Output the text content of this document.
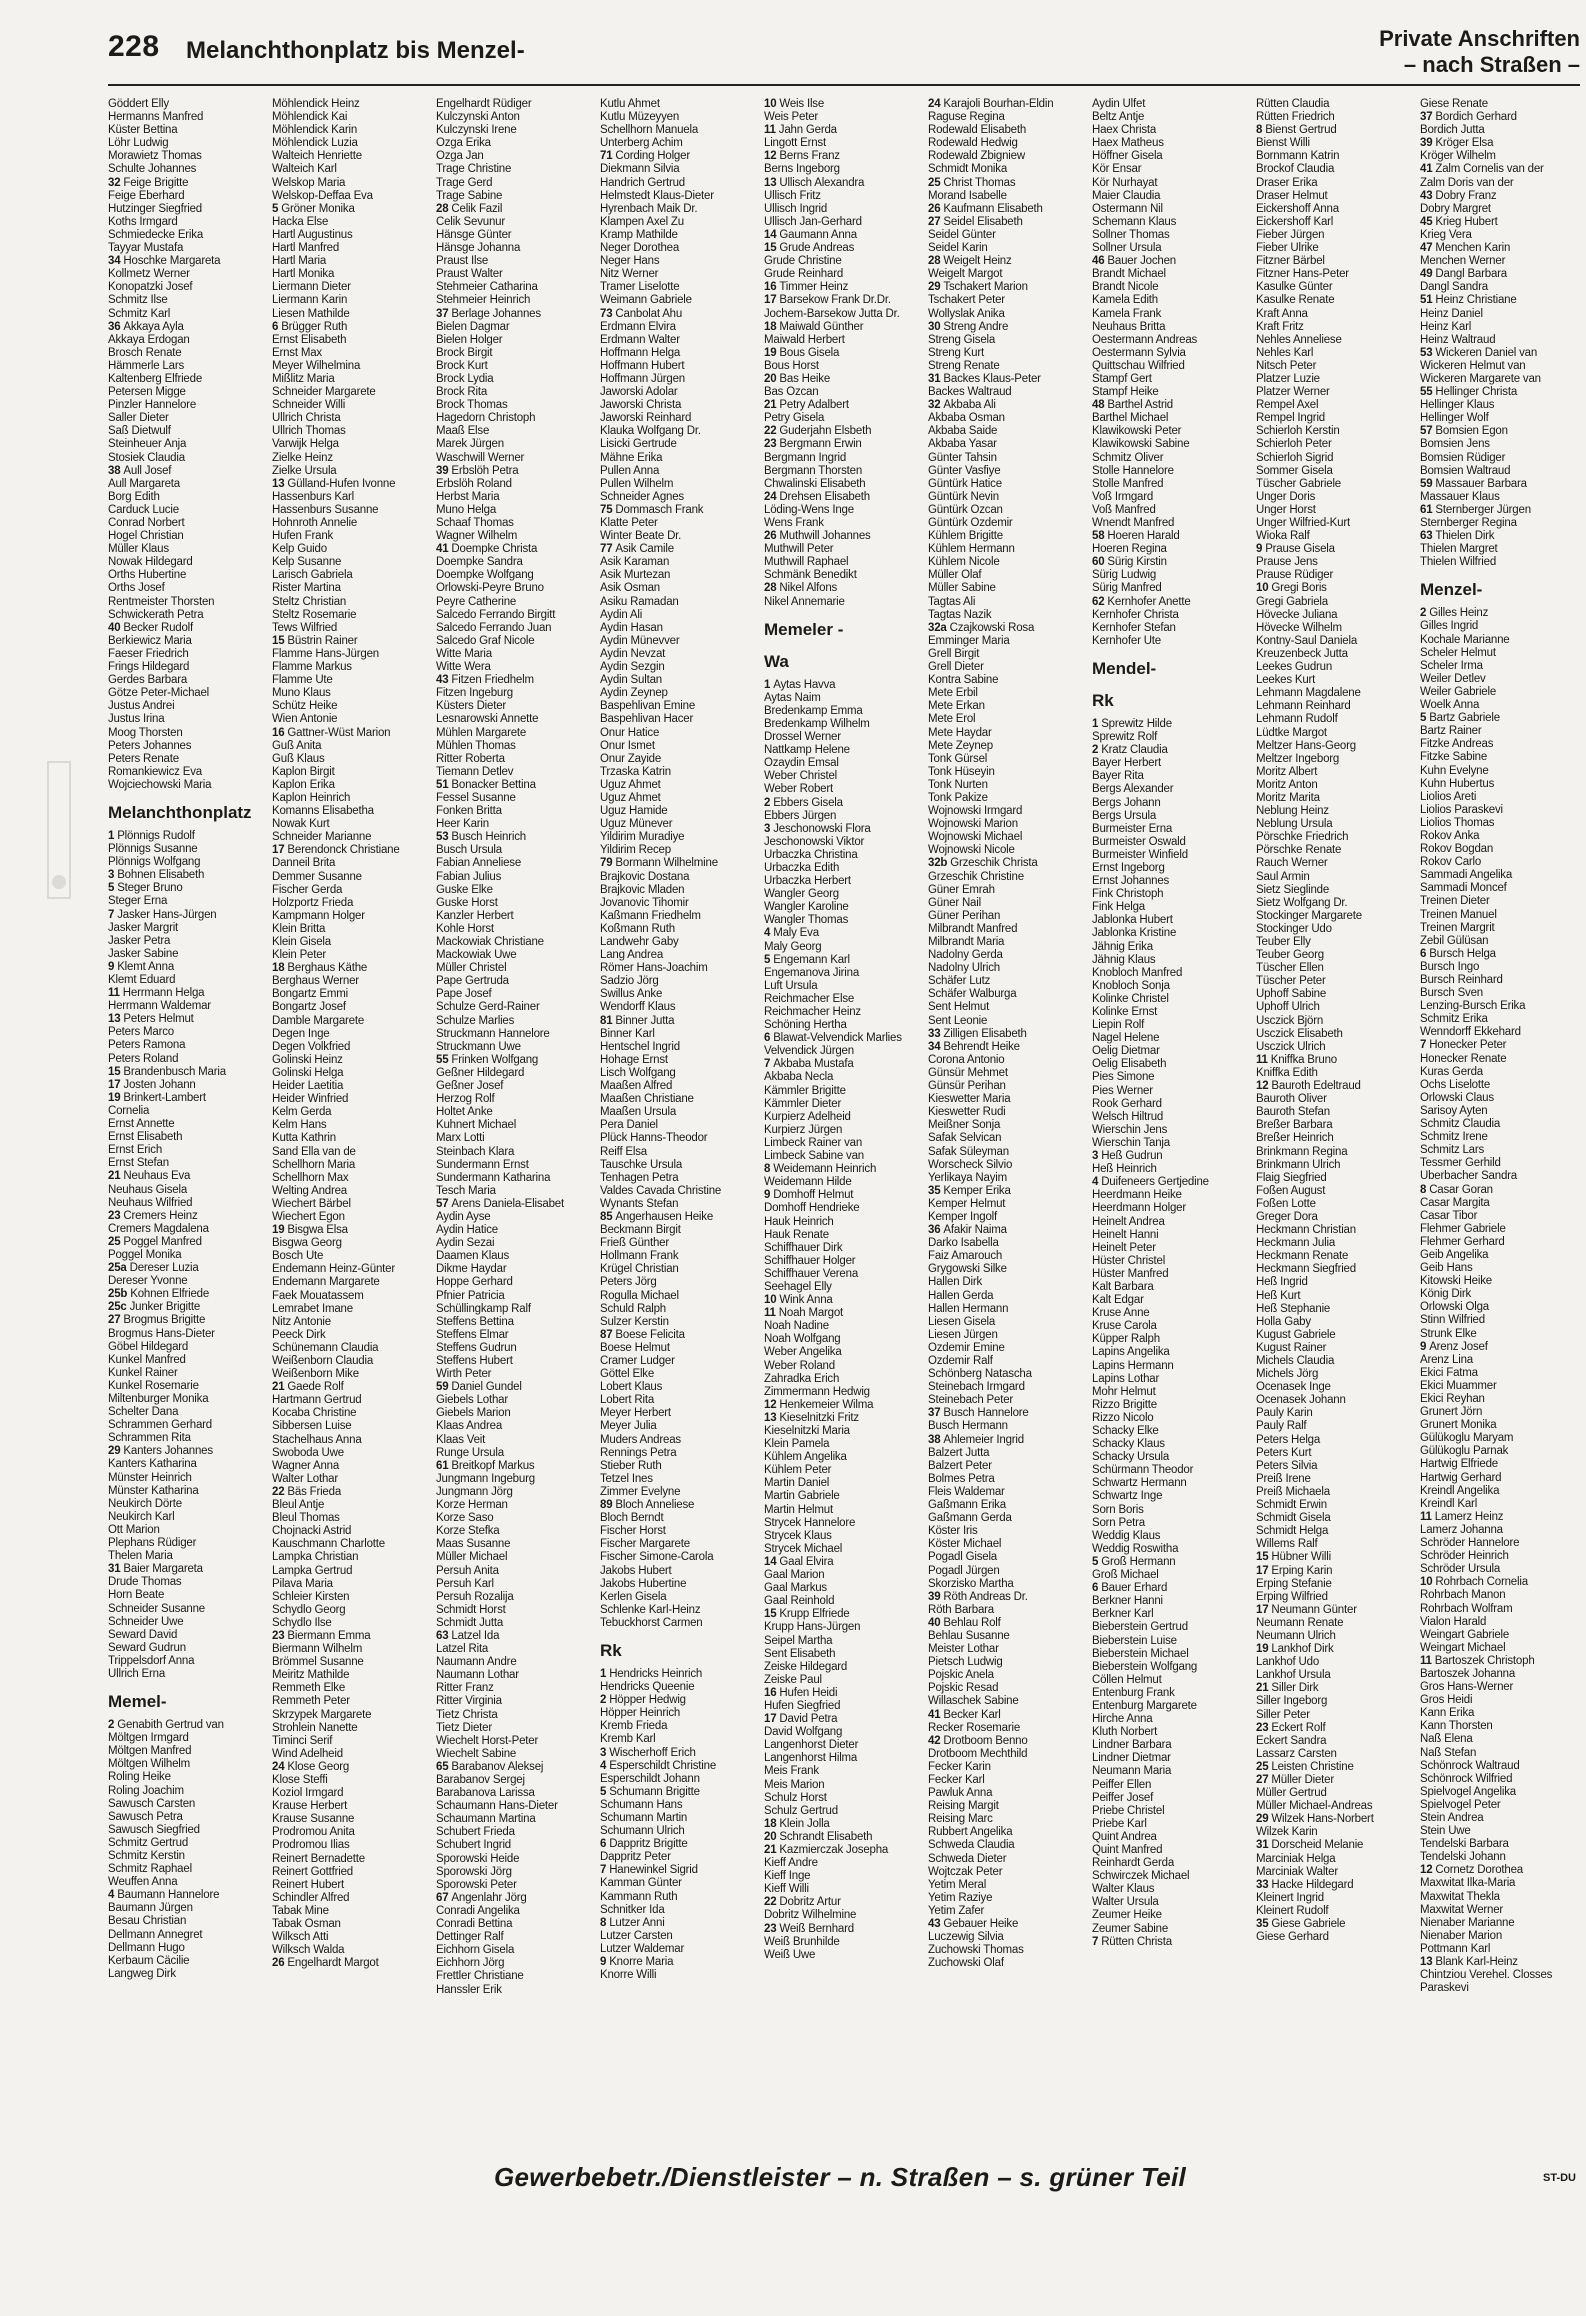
228 Melanchthonplatz bis Menzel-	Private Anschriften
– nach Straßen –
Göddert Elly
Hermanns Manfred
Küster Bettina
Löhr Ludwig
Morawietz Thomas
Schulte Johannes
32 Feige Brigitte
Feige Eberhard
Hutzinger Siegfried
Koths Irmgard
Schmiedecke Erika
Tayyar Mustafa
34 Hoschke Margareta
Kollmetz Werner
Konopatzki Josef
Schmitz Ilse
Schmitz Karl
36 Akkaya Ayla
Akkaya Erdogan
Brosch Renate
Hämmerle Lars
Kaltenberg Elfriede
Petersen Migge
Pinzler Hannelore
Saller Dieter
Saß Dietwulf
Steinheuer Anja
Stosiek Claudia
38 Aull Josef
Aull Margareta
Borg Edith
Carduck Lucie
Conrad Norbert
Hogel Christian
Müller Klaus
Nowak Hildegard
Orths Hubertine
Orths Josef
Rentmeister Thorsten
Schwickerath Petra
40 Becker Rudolf
Berkiewicz Maria
Faeser Friedrich
Frings Hildegard
Gerdes Barbara
Götze Peter-Michael
Justus Andrei
Justus Irina
Moog Thorsten
Peters Johannes
Peters Renate
Romankiewicz Eva
Wojciechowski Maria
Melanchthonplatz
1 Plönnigs Rudolf
Plönnigs Susanne
Plönnigs Wolfgang
3 Bohnen Elisabeth
5 Steger Bruno
Steger Erna
7 Jasker Hans-Jürgen
Jasker Margrit
Jasker Petra
Jasker Sabine
9 Klemt Anna
Klemt Eduard
11 Herrmann Helga
Herrmann Waldemar
13 Peters Helmut
Peters Marco
Peters Ramona
Peters Roland
15 Brandenbusch Maria
17 Josten Johann
19 Brinkert-Lambert
Cornelia
Ernst Annette
Ernst Elisabeth
Ernst Erich
Ernst Stefan
21 Neuhaus Eva
Neuhaus Gisela
Neuhaus Wilfried
23 Cremers Heinz
Cremers Magdalena
25 Poggel Manfred
Poggel Monika
25a Dereser Luzia
Dereser Yvonne
25b Kohnen Elfriede
25c Junker Brigitte
27 Brogmus Brigitte
Brogmus Hans-Dieter
Göbel Hildegard
Kunkel Manfred
Kunkel Rainer
Kunkel Rosemarie
Miltenburger Monika
Schelter Dana
Schrammen Gerhard
Schrammen Rita
29 Kanters Johannes
Kanters Katharina
Münster Heinrich
Münster Katharina
Neukirch Dörte
Neukirch Karl
Ott Marion
Plephans Rüdiger
Thelen Maria
31 Baier Margareta
Drude Thomas
Horn Beate
Schneider Susanne
Schneider Uwe
Seward David
Seward Gudrun
Trippelsdorf Anna
Ullrich Erna
Memel-
2 Genabith Gertrud van
Möltgen Irmgard
Möltgen Manfred
Möltgen Wilhelm
Roling Heike
Roling Joachim
Sawusch Carsten
Sawusch Petra
Sawusch Siegfried
Schmitz Gertrud
Schmitz Kerstin
Schmitz Raphael
Weuffen Anna
4 Baumann Hannelore
Baumann Jürgen
Besau Christian
Dellmann Annegret
Dellmann Hugo
Kerbaum Cäcilie
Langweg Dirk
Möhlendick Heinz
Möhlendick Kai
Möhlendick Karin
Möhlendick Luzia
Walteich Henriette
Walteich Karl
Welskop Maria
Welskop-Deffaa Eva
5 Gröner Monika
Hacka Else
Hartl Augustinus
Hartl Manfred
Hartl Maria
Hartl Monika
Liermann Dieter
Liermann Karin
Liesen Mathilde
6 Brügger Ruth
Ernst Elisabeth
Ernst Max
Meyer Wilhelmina
Mißlitz Maria
Schneider Margarete
Schneider Willi
Ullrich Christa
Ullrich Thomas
Varwijk Helga
Zielke Heinz
Zielke Ursula
13 Gülland-Hufen Ivonne
Hassenburs Karl
Hassenburs Susanne
Hohnroth Annelie
Hufen Frank
Kelp Guido
Kelp Susanne
Larisch Gabriela
Rister Martina
Steltz Christian
Steltz Rosemarie
Tews Wilfried
15 Büstrin Rainer
Flamme Hans-Jürgen
Flamme Markus
Flamme Ute
Muno Klaus
Schütz Heike
Wien Antonie
16 Gattner-Wüst Marion
Guß Anita
Guß Klaus
Kaplon Birgit
Kaplon Erika
Kaplon Heinrich
Komanns Elisabetha
Nowak Kurt
Schneider Marianne
17 Berendonck Christiane
Danneil Brita
Demmer Susanne
Fischer Gerda
Holzportz Frieda
Kampmann Holger
Klein Britta
Klein Gisela
Klein Peter
18 Berghaus Käthe
Berghaus Werner
Bongartz Emmi
Bongartz Josef
Damble Margarete
Degen Inge
Degen Volkfried
Golinski Heinz
Golinski Helga
Heider Laetitia
Heider Winfried
Kelm Gerda
Kelm Hans
Kutta Kathrin
Sand Ella van de
Schellhorn Maria
Schellhorn Max
Welting Andrea
Wiechert Bärbel
Wiechert Egon
19 Bisgwa Elsa
Bisgwa Georg
Bosch Ute
Endemann Heinz-Günter
Endemann Margarete
Faek Mouatassem
Lemrabet Imane
Nitz Antonie
Peeck Dirk
Schünemann Claudia
Weißenborn Claudia
Weißenborn Mike
21 Gaede Rolf
Hartmann Gertrud
Kocaba Christine
Sibbersen Luise
Stachelhaus Anna
Swoboda Uwe
Wagner Anna
Walter Lothar
22 Bäs Frieda
Bleul Antje
Bleul Thomas
Chojnacki Astrid
Kauschmann Charlotte
Lampka Christian
Lampka Gertrud
Pilava Maria
Schleier Kirsten
Schydlo Georg
Schydlo Ilse
23 Biermann Emma
Biermann Wilhelm
Brömmel Susanne
Meiritz Mathilde
Remmeth Elke
Remmeth Peter
Skrzypek Margarete
Strohlein Nanette
Timinci Serif
Wind Adelheid
24 Klose Georg
Klose Steffi
Koziol Irmgard
Krause Herbert
Krause Susanne
Prodromou Anita
Prodromou Ilias
Reinert Bernadette
Reinert Gottfried
Reinert Hubert
Schindler Alfred
Tabak Mine
Tabak Osman
Wilksch Atti
Wilksch Walda
26 Engelhardt Margot
Engelhardt Rüdiger
Kulczynski Anton
Kulczynski Irene
Ozga Erika
Ozga Jan
Trage Christine
Trage Gerd
Trage Sabine
28 Celik Fazil
Celik Sevunur
Hänsge Günter
Hänsge Johanna
Praust Ilse
Praust Walter
Stehmeier Catharina
Stehmeier Heinrich
37 Berlage Johannes
Bielen Dagmar
Bielen Holger
Brock Birgit
Brock Kurt
Brock Lydia
Brock Rita
Brock Thomas
Hagedorn Christoph
Maaß Else
Marek Jürgen
Waschwill Werner
39 Erbslöh Petra
Erbslöh Roland
Herbst Maria
Muno Helga
Schaaf Thomas
Wagner Wilhelm
41 Doempke Christa
Doempke Sandra
Doempke Wolfgang
Orlowski-Peyre Bruno
Peyre Catherine
Salcedo Ferrando Birgitt
Salcedo Ferrando Juan
Salcedo Graf Nicole
Witte Maria
Witte Wera
43 Fitzen Friedhelm
Fitzen Ingeburg
Küsters Dieter
Lesnarowski Annette
Mühlen Margarete
Mühlen Thomas
Ritter Roberta
Tiemann Detlev
51 Bonacker Bettina
Fessel Susanne
Fonken Britta
Heer Karin
53 Busch Heinrich
Busch Ursula
Fabian Anneliese
Fabian Julius
Guske Elke
Guske Horst
Kanzler Herbert
Kohle Horst
Mackowiak Christiane
Mackowiak Uwe
Müller Christel
Pape Gertruda
Pape Josef
Schulze Gerd-Rainer
Schulze Marlies
Struckmann Hannelore
Struckmann Uwe
55 Frinken Wolfgang
Geßner Hildegard
Geßner Josef
Herzog Rolf
Holtet Anke
Kuhnert Michael
Marx Lotti
Steinbach Klara
Sundermann Ernst
Sundermann Katharina
Tesch Maria
57 Arens Daniela-Elisabet
Aydin Ayse
Aydin Hatice
Aydin Sezai
Daamen Klaus
Dikme Haydar
Hoppe Gerhard
Pfnier Patricia
Schüllingkamp Ralf
Steffens Bettina
Steffens Elmar
Steffens Gudrun
Steffens Hubert
Wirth Peter
59 Daniel Gundel
Giebels Lothar
Giebels Marion
Klaas Andrea
Klaas Veit
Runge Ursula
61 Breitkopf Markus
Jungmann Ingeburg
Jungmann Jörg
Korze Herman
Korze Saso
Korze Stefka
Maas Susanne
Müller Michael
Persuh Anita
Persuh Karl
Persuh Rozalija
Schmidt Horst
Schmidt Jutta
63 Latzel Ida
Latzel Rita
Naumann Andre
Naumann Lothar
Ritter Franz
Ritter Virginia
Tietz Christa
Tietz Dieter
Wiechelt Horst-Peter
Wiechelt Sabine
65 Barabanov Aleksej
Barabanov Sergej
Barabanova Larissa
Schaumann Hans-Dieter
Schaumann Martina
Schubert Frieda
Schubert Ingrid
Sporowski Heide
Sporowski Jörg
Sporowski Peter
67 Angenlahr Jörg
Conradi Angelika
Conradi Bettina
Dettinger Ralf
Eichhorn Gisela
Eichhorn Jörg
Frettler Christiane
Hanssler Erik
Kutlu Ahmet
Kutlu Müzeyyen
Schellhorn Manuela
Unterberg Achim
71 Cording Holger
Diekmann Silvia
Handrich Gertrud
Helmstedt Klaus-Dieter
Hyrenbach Maik Dr.
Klampen Axel Zu
Kramp Mathilde
Neger Dorothea
Neger Hans
Nitz Werner
Tramer Liselotte
Weimann Gabriele
73 Canbolat Ahu
Erdmann Elvira
Erdmann Walter
Hoffmann Helga
Hoffmann Hubert
Hoffmann Jürgen
Jaworski Adolar
Jaworski Christa
Jaworski Reinhard
Klauka Wolfgang Dr.
Lisicki Gertrude
Mähne Erika
Pullen Anna
Pullen Wilhelm
Schneider Agnes
75 Dommasch Frank
Klatte Peter
Winter Beate Dr.
77 Asik Camile
Asik Karaman
Asik Murtezan
Asik Osman
Asiku Ramadan
Aydin Ali
Aydin Hasan
Aydin Münevver
Aydin Nevzat
Aydin Sezgin
Aydin Sultan
Aydin Zeynep
Baspehlivan Emine
Baspehlivan Hacer
Onur Hatice
Onur Ismet
Onur Zayide
Trzaska Katrin
Uguz Ahmet
Uguz Ahmet
Uguz Hamide
Uguz Münever
Yildirim Muradiye
Yildirim Recep
79 Bormann Wilhelmine
Brajkovic Dostana
Brajkovic Mladen
Jovanovic Tihomir
Kaßmann Friedhelm
Koßmann Ruth
Landwehr Gaby
Lang Andrea
Römer Hans-Joachim
Sadzio Jörg
Swillus Anke
Wendorff Klaus
81 Binner Jutta
Binner Karl
Hentschel Ingrid
Hohage Ernst
Lisch Wolfgang
Maaßen Alfred
Maaßen Christiane
Maaßen Ursula
Pera Daniel
Plück Hanns-Theodor
Reiff Elsa
Tauschke Ursula
Tenhagen Petra
Valdes Cavada Christine
Wynants Stefan
85 Angerhausen Heike
Beckmann Birgit
Frieß Günther
Hollmann Frank
Krügel Christian
Peters Jörg
Rogulla Michael
Schuld Ralph
Sulzer Kerstin
87 Boese Felicita
Boese Helmut
Cramer Ludger
Göttel Elke
Lobert Klaus
Lobert Rita
Meyer Herbert
Meyer Julia
Muders Andreas
Rennings Petra
Stieber Ruth
Tetzel Ines
Zimmer Evelyne
89 Bloch Anneliese
Bloch Berndt
Fischer Horst
Fischer Margarete
Fischer Simone-Carola
Jakobs Hubert
Jakobs Hubertine
Kerlen Gisela
Schlenke Karl-Heinz
Tebuckhorst Carmen
Rk
1 Hendricks Heinrich
Hendricks Queenie
2 Höpper Hedwig
Höpper Heinrich
Kremb Frieda
Kremb Karl
3 Wischerhoff Erich
4 Esperschildt Christine
Esperschildt Johann
5 Schumann Brigitte
Schumann Hans
Schumann Martin
Schumann Ulrich
6 Dappritz Brigitte
Dappritz Peter
7 Hanewinkel Sigrid
Kamman Günter
Kammann Ruth
Schnitker Ida
8 Lutzer Anni
Lutzer Carsten
Lutzer Waldemar
9 Knorre Maria
Knorre Willi
10 Weis Ilse
Weis Peter
11 Jahn Gerda
Lingott Ernst
12 Berns Franz
Berns Ingeborg
13 Ullisch Alexandra
Ullisch Fritz
Ullisch Ingrid
Ullisch Jan-Gerhard
14 Gaumann Anna
15 Grude Andreas
Grude Christine
Grude Reinhard
16 Timmer Heinz
17 Barsekow Frank Dr.Dr.
Jochem-Barsekow Jutta Dr.
18 Maiwald Günther
Maiwald Herbert
19 Bous Gisela
Bous Horst
20 Bas Heike
Bas Özcan
21 Petry Adalbert
Petry Gisela
22 Guderjahn Elsbeth
23 Bergmann Erwin
Bergmann Ingrid
Bergmann Thorsten
Chwalinski Elisabeth
24 Drehsen Elisabeth
Löding-Wens Inge
Wens Frank
26 Muthwill Johannes
Muthwill Peter
Muthwill Raphael
Schmänk Benedikt
28 Nikel Alfons
Nikel Annemarie
Memeler -
Wa
1 Aytas Havva
Aytas Naim
Bredenkamp Emma
Bredenkamp Wilhelm
Drossel Werner
Nattkamp Helene
Özaydin Emsal
Weber Christel
Weber Robert
2 Ebbers Gisela
Ebbers Jürgen
3 Jeschonowski Flora
Jeschonowski Viktor
Urbaczka Christina
Urbaczka Edith
Urbaczka Herbert
Wangler Georg
Wangler Karoline
Wangler Thomas
4 Maly Eva
Maly Georg
5 Engemann Karl
Engemanova Jirina
Luft Ursula
Reichmacher Else
Reichmacher Heinz
Schöning Hertha
6 Blawat-Velvendick Marlies
Velvendick Jürgen
7 Akbaba Mustafa
Akbaba Necla
Kämmler Brigitte
Kämmler Dieter
Kurpierz Adelheid
Kurpierz Jürgen
Limbeck Rainer van
Limbeck Sabine van
8 Weidemann Heinrich
Weidemann Hilde
9 Domhoff Helmut
Domhoff Hendrieke
Hauk Heinrich
Hauk Renate
Schiffhauer Dirk
Schiffhauer Holger
Schiffhauer Verena
Seehagel Elly
10 Wink Anna
11 Noah Margot
Noah Nadine
Noah Wolfgang
Weber Angelika
Weber Roland
Zahradka Erich
Zimmermann Hedwig
12 Henkemeier Wilma
13 Kieselnitzki Fritz
Kieselnitzki Maria
Klein Pamela
Kühlem Angelika
Kühlem Peter
Martin Daniel
Martin Gabriele
Martin Helmut
Strycek Hannelore
Strycek Klaus
Strycek Michael
14 Gaal Elvira
Gaal Marion
Gaal Markus
Gaal Reinhold
15 Krupp Elfriede
Krupp Hans-Jürgen
Seipel Martha
Sent Elisabeth
Zeiske Hildegard
Zeiske Paul
16 Hufen Heidi
Hufen Siegfried
17 David Petra
David Wolfgang
Langenhorst Dieter
Langenhorst Hilma
Meis Frank
Meis Marion
Schulz Horst
Schulz Gertrud
18 Klein Jolla
20 Schrandt Elisabeth
21 Kazmierczak Josepha
Kieff Andre
Kieff Inge
Kieff Willi
22 Dobritz Artur
Dobritz Wilhelmine
23 Weiß Bernhard
Weiß Brunhilde
Weiß Uwe
24 Karajoli Bourhan-Eldin
Raguse Regina
Rodewald Elisabeth
Rodewald Hedwig
Rodewald Zbigniew
Schmidt Monika
25 Christ Thomas
Morand Isabelle
26 Kaufmann Elisabeth
27 Seidel Elisabeth
Seidel Günter
Seidel Karin
28 Weigelt Heinz
Weigelt Margot
29 Tschakert Marion
Tschakert Peter
Wollyslak Anika
30 Streng Andre
Streng Gisela
Streng Kurt
Streng Renate
31 Backes Klaus-Peter
Backes Waltraud
32 Akbaba Ali
Akbaba Osman
Akbaba Saide
Akbaba Yasar
Günter Tahsin
Günter Vasfiye
Güntürk Hatice
Güntürk Nevin
Güntürk Özcan
Güntürk Özdemir
Kühlem Brigitte
Kühlem Hermann
Kühlem Nicole
Müller Olaf
Müller Sabine
Tagtas Ali
Tagtas Nazik
32a Czajkowski Rosa
Emminger Maria
Grell Birgit
Grell Dieter
Kontra Sabine
Mete Erbil
Mete Erkan
Mete Erol
Mete Haydar
Mete Zeynep
Tonk Gürsel
Tonk Hüseyin
Tonk Nurten
Tonk Pakize
Wojnowski Irmgard
Wojnowski Marion
Wojnowski Michael
Wojnowski Nicole
32b Grzeschik Christa
Grzeschik Christine
Güner Emrah
Güner Nail
Güner Perihan
Milbrandt Manfred
Milbrandt Maria
Nadolny Gerda
Nadolny Ulrich
Schäfer Lutz
Schäfer Walburga
Sent Helmut
Sent Leonie
33 Zilligen Elisabeth
34 Behrendt Heike
Corona Antonio
Günsür Mehmet
Günsür Perihan
Kieswetter Maria
Kieswetter Rudi
Meißner Sonja
Safak Selvican
Safak Süleyman
Worscheck Silvio
Yerlikaya Nayim
35 Kemper Erika
Kemper Helmut
Kemper Ingolf
36 Afakir Naima
Darko Isabella
Faiz Amarouch
Grygowski Silke
Hallen Dirk
Hallen Gerda
Hallen Hermann
Liesen Gisela
Liesen Jürgen
Özdemir Emine
Özdemir Ralf
Schönberg Natascha
Steinebach Irmgard
Steinebach Peter
37 Busch Hannelore
Busch Hermann
38 Ahlemeier Ingrid
Balzert Jutta
Balzert Peter
Bolmes Petra
Fleis Waldemar
Gaßmann Erika
Gaßmann Gerda
Köster Iris
Köster Michael
Pogadl Gisela
Pogadl Jürgen
Skorzisko Martha
39 Röth Andreas Dr.
Röth Barbara
40 Behlau Rolf
Behlau Susanne
Meister Lothar
Pietsch Ludwig
Pojskic Anela
Pojskic Resad
Willaschek Sabine
41 Becker Karl
Recker Rosemarie
42 Drotboom Benno
Drotboom Mechthild
Fecker Karin
Fecker Karl
Pawluk Anna
Reising Margit
Reising Marc
Rubbert Angelika
Schweda Claudia
Schweda Dieter
Wojtczak Peter
Yetim Meral
Yetim Raziye
Yetim Zafer
43 Gebauer Heike
Luczewig Silvia
Zuchowski Thomas
Zuchowski Olaf
Aydin Ülfet
Beltz Antje
Haex Christa
Haex Matheus
Höffner Gisela
Kör Ensar
Kör Nurhayat
Maier Claudia
Ostermann Nil
Schemann Klaus
Sollner Thomas
Sollner Ursula
46 Bauer Jochen
Brandt Michael
Brandt Nicole
Kamela Edith
Kamela Frank
Neuhaus Britta
Oestermann Andreas
Oestermann Sylvia
Quittschau Wilfried
Stampf Gert
Stampf Heike
48 Barthel Astrid
Barthel Michael
Klawikowski Peter
Klawikowski Sabine
Schmitz Oliver
Stolle Hannelore
Stolle Manfred
Voß Irmgard
Voß Manfred
Wnendt Manfred
58 Hoeren Harald
Hoeren Regina
60 Sürig Kirstin
Sürig Ludwig
Sürig Manfred
62 Kernhofer Anette
Kernhofer Christa
Kernhofer Stefan
Kernhofer Ute
Mendel-
Rk
1 Sprewitz Hilde
Sprewitz Rolf
2 Kratz Claudia
Bayer Herbert
Bayer Rita
Bergs Alexander
Bergs Johann
Bergs Ursula
Burmeister Erna
Burmeister Oswald
Burmeister Winfield
Ernst Ingeborg
Ernst Johannes
Fink Christoph
Fink Helga
Jablonka Hubert
Jablonka Kristine
Jähnig Erika
Jähnig Klaus
Knobloch Manfred
Knobloch Sonja
Kolinke Christel
Kolinke Ernst
Liepin Rolf
Nagel Helene
Oelig Dietmar
Oelig Elisabeth
Pies Simone
Pies Werner
Rook Gerhard
Welsch Hiltrud
Wierschin Jens
Wierschin Tanja
3 Heß Gudrun
Heß Heinrich
4 Duifeneers Gertjedine
Heerdmann Heike
Heerdmann Holger
Heinelt Andrea
Heinelt Hanni
Heinelt Peter
Hüster Christel
Hüster Manfred
Kalt Barbara
Kalt Edgar
Kruse Anne
Kruse Carola
Küpper Ralph
Lapins Angelika
Lapins Hermann
Lapins Lothar
Mohr Helmut
Rizzo Brigitte
Rizzo Nicolo
Schacky Elke
Schacky Klaus
Schacky Ursula
Schürmann Theodor
Schwartz Hermann
Schwartz Inge
Sorn Boris
Sorn Petra
Weddig Klaus
Weddig Roswitha
5 Groß Hermann
Groß Michael
6 Bauer Erhard
Berkner Hanni
Berkner Karl
Bieberstein Gertrud
Bieberstein Luise
Bieberstein Michael
Bieberstein Wolfgang
Cöllen Helmut
Entenburg Frank
Entenburg Margarete
Hirche Anna
Kluth Norbert
Lindner Barbara
Lindner Dietmar
Neumann Maria
Peiffer Ellen
Peiffer Josef
Priebe Christel
Priebe Karl
Quint Andrea
Quint Manfred
Reinhardt Gerda
Schwirczek Michael
Walter Klaus
Walter Ursula
Zeumer Heike
Zeumer Sabine
7 Rütten Christa
Rütten Claudia
Rütten Friedrich
8 Bienst Gertrud
Bienst Willi
Bornmann Katrin
Brockof Claudia
Draser Erika
Draser Helmut
Eickershoff Anna
Eickershoff Karl
Fieber Jürgen
Fieber Ulrike
Fitzner Bärbel
Fitzner Hans-Peter
Kasulke Günter
Kasulke Renate
Kraft Anna
Kraft Fritz
Nehles Anneliese
Nehles Karl
Nitsch Peter
Platzer Luzie
Platzer Werner
Rempel Axel
Rempel Ingrid
Schierloh Kerstin
Schierloh Peter
Schierloh Sigrid
Sommer Gisela
Tüscher Gabriele
Unger Doris
Unger Horst
Unger Wilfried-Kurt
Wioka Ralf
9 Prause Gisela
Prause Jens
Prause Rüdiger
10 Gregi Boris
Gregi Gabriela
Hövecke Juliana
Hövecke Wilhelm
Kontny-Saul Daniela
Kreuzenbeck Jutta
Leekes Gudrun
Leekes Kurt
Lehmann Magdalene
Lehmann Reinhard
Lehmann Rudolf
Lüdtke Margot
Meltzer Hans-Georg
Meltzer Ingeborg
Moritz Albert
Moritz Anton
Moritz Marita
Neblung Heinz
Neblung Ursula
Pörschke Friedrich
Pörschke Renate
Rauch Werner
Saul Armin
Sietz Sieglinde
Sietz Wolfgang Dr.
Stockinger Margarete
Stockinger Udo
Teuber Elly
Teuber Georg
Tüscher Ellen
Tüscher Peter
Uphoff Sabine
Uphoff Ulrich
Usczick Björn
Usczick Elisabeth
Usczick Ulrich
11 Kniffka Bruno
Kniffka Edith
12 Bauroth Edeltraud
Bauroth Oliver
Bauroth Stefan
Breßer Barbara
Breßer Heinrich
Brinkmann Regina
Brinkmann Ulrich
Flaig Siegfried
Foßen August
Foßen Lotte
Greger Dora
Heckmann Christian
Heckmann Julia
Heckmann Renate
Heckmann Siegfried
Heß Ingrid
Heß Kurt
Heß Stephanie
Holla Gaby
Kugust Gabriele
Kugust Rainer
Michels Claudia
Michels Jörg
Ocenasek Inge
Ocenasek Johann
Pauly Karin
Pauly Ralf
Peters Helga
Peters Kurt
Peters Silvia
Preiß Irene
Preiß Michaela
Schmidt Erwin
Schmidt Gisela
Schmidt Helga
Willems Ralf
15 Hübner Willi
17 Erping Karin
Erping Stefanie
Erping Wilfried
17 Neumann Günter
Neumann Renate
Neumann Ulrich
19 Lankhof Dirk
Lankhof Udo
Lankhof Ursula
21 Siller Dirk
Siller Ingeborg
Siller Peter
23 Eckert Rolf
Eckert Sandra
Lassarz Carsten
25 Leisten Christine
27 Müller Dieter
Müller Gertrud
Müller Michael-Andreas
29 Wilzek Hans-Norbert
Wilzek Karin
31 Dorscheid Melanie
Marciniak Helga
Marciniak Walter
33 Hacke Hildegard
Kleinert Ingrid
Kleinert Rudolf
35 Giese Gabriele
Giese Gerhard
Giese Renate
37 Bordich Gerhard
Bordich Jutta
39 Kröger Elsa
Kröger Wilhelm
41 Zalm Cornelis van der
Zalm Doris van der
43 Dobry Franz
Dobry Margret
45 Krieg Hubert
Krieg Vera
47 Menchen Karin
Menchen Werner
49 Dangl Barbara
Dangl Sandra
51 Heinz Christiane
Heinz Daniel
Heinz Karl
Heinz Waltraud
53 Wickeren Daniel van
Wickeren Helmut van
Wickeren Margarete van
55 Hellinger Christa
Hellinger Klaus
Hellinger Wolf
57 Bomsien Egon
Bomsien Jens
Bomsien Rüdiger
Bomsien Waltraud
59 Massauer Barbara
Massauer Klaus
61 Sternberger Jürgen
Sternberger Regina
63 Thielen Dirk
Thielen Margret
Thielen Wilfried
Menzel-
2 Gilles Heinz
Gilles Ingrid
Kochale Marianne
Scheler Helmut
Scheler Irma
Weiler Detlev
Weiler Gabriele
Woelk Anna
5 Bartz Gabriele
Bartz Rainer
Fitzke Andreas
Fitzke Sabine
Kuhn Evelyne
Kuhn Hubertus
Liolios Areti
Liolios Paraskevi
Liolios Thomas
Rokov Anka
Rokov Bogdan
Rokov Carlo
Sammadi Angelika
Sammadi Moncef
Treinen Dieter
Treinen Manuel
Treinen Margrit
Zebil Gülüsan
6 Bursch Helga
Bursch Ingo
Bursch Reinhard
Bursch Sven
Lenzing-Bursch Erika
Schmitz Erika
Wenndorff Ekkehard
7 Honecker Peter
Honecker Renate
Kuras Gerda
Ochs Liselotte
Orlowski Claus
Sarisoy Ayten
Schmitz Claudia
Schmitz Irene
Schmitz Lars
Tessmer Gerhild
Überbacher Sandra
8 Casar Goran
Casar Margita
Casar Tibor
Flehmer Gabriele
Flehmer Gerhard
Geib Angelika
Geib Hans
Kitowski Heike
König Dirk
Orlowski Olga
Stinn Wilfried
Strunk Elke
9 Arenz Josef
Arenz Lina
Ekici Fatma
Ekici Muammer
Ekici Reyhan
Grunert Jörn
Grunert Monika
Gülükoglu Maryam
Gülükoglu Parnak
Hartwig Elfriede
Hartwig Gerhard
Kreindl Angelika
Kreindl Karl
11 Lamerz Heinz
Lamerz Johanna
Schröder Hannelore
Schröder Heinrich
Schröder Ursula
10 Rohrbach Cornelia
Rohrbach Manon
Rohrbach Wolfram
Vialon Harald
Weingart Gabriele
Weingart Michael
11 Bartoszek Christoph
Bartoszek Johanna
Gros Hans-Werner
Gros Heidi
Kann Erika
Kann Thorsten
Naß Elena
Naß Stefan
Schönrock Waltraud
Schönrock Wilfried
Spielvogel Angelika
Spielvogel Peter
Stein Andrea
Stein Uwe
Tendelski Barbara
Tendelski Johann
12 Cornetz Dorothea
Maxwitat Ilka-Maria
Maxwitat Thekla
Maxwitat Werner
Nienaber Marianne
Nienaber Marion
Pottmann Karl
13 Blank Karl-Heinz
Chintziou Verehel. Closses
Paraskevi
Gewerbebetr./Dienstleister – n. Straßen – s. grüner Teil	ST-DU
